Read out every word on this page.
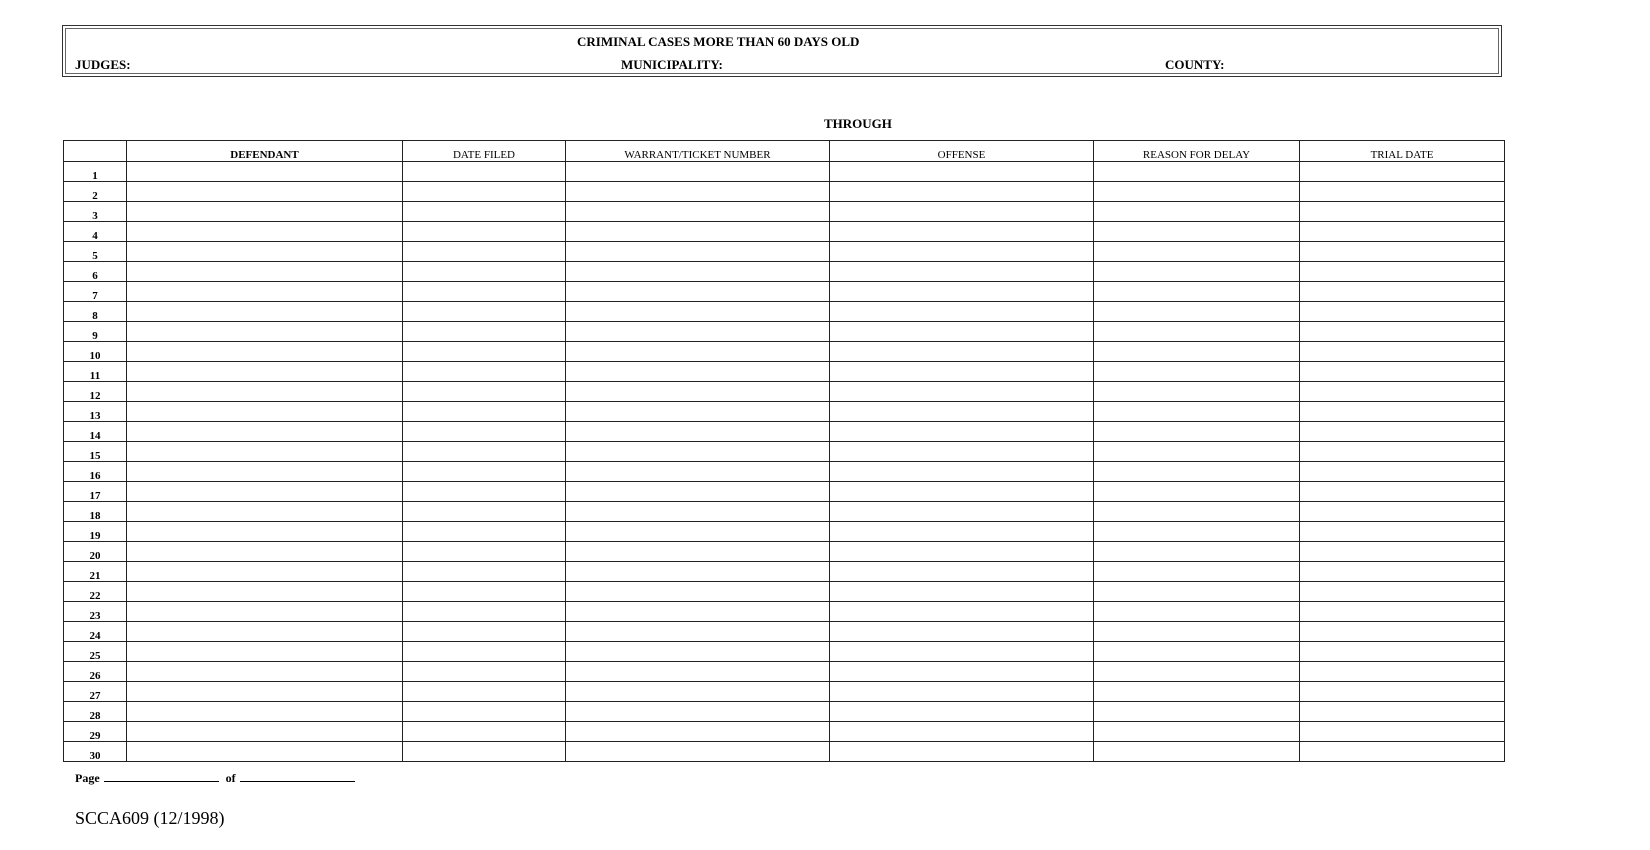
CRIMINAL CASES MORE THAN 60 DAYS OLD
JUDGES:	MUNICIPALITY:	COUNTY:
THROUGH
	DEFENDANT	DATE FILED	WARRANT/TICKET NUMBER	OFFENSE	REASON FOR DELAY	TRIAL DATE
1						
2						
3						
4						
5						
6						
7						
8						
9						
10						
11						
12						
13						
14						
15						
16						
17						
18						
19						
20						
21						
22						
23						
24						
25						
26						
27						
28						
29						
30						
Page	of
SCCA609 (12/1998)
